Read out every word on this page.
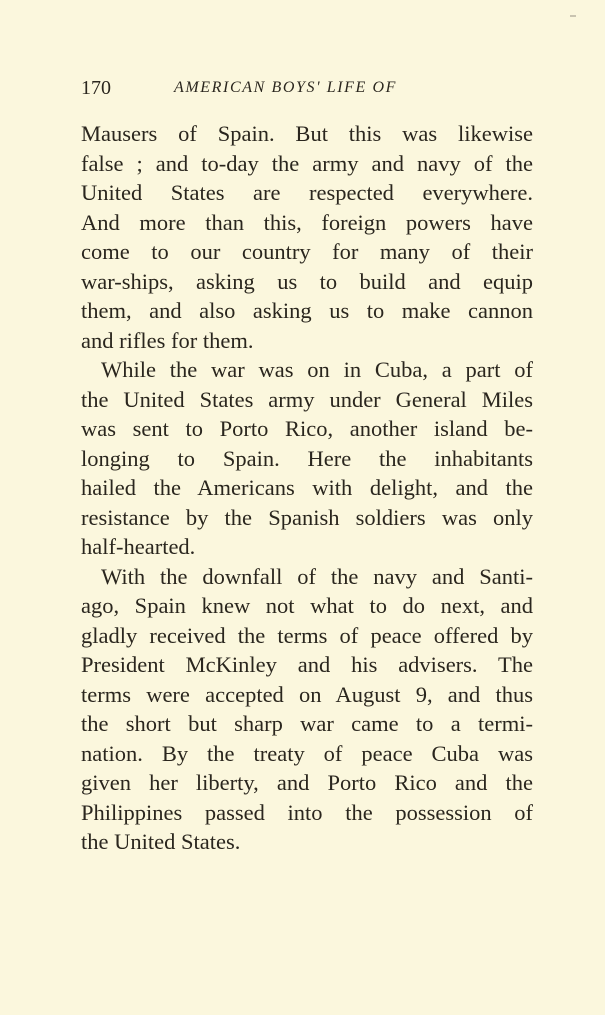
170	AMERICAN BOYS' LIFE OF
Mausers of Spain. But this was likewise
false ; and to-day the army and navy of the
United States are respected everywhere.
And more than this, foreign powers have
come to our country for many of their
war-ships, asking us to build and equip
them, and also asking us to make cannon
and rifles for them.
While the war was on in Cuba, a part of
the United States army under General Miles
was sent to Porto Rico, another island be-
longing to Spain. Here the inhabitants
hailed the Americans with delight, and the
resistance by the Spanish soldiers was only
half-hearted.
With the downfall of the navy and Santi-
ago, Spain knew not what to do next, and
gladly received the terms of peace offered by
President McKinley and his advisers. The
terms were accepted on August 9, and thus
the short but sharp war came to a termi-
nation. By the treaty of peace Cuba was
given her liberty, and Porto Rico and the
Philippines passed into the possession of
the United States.
